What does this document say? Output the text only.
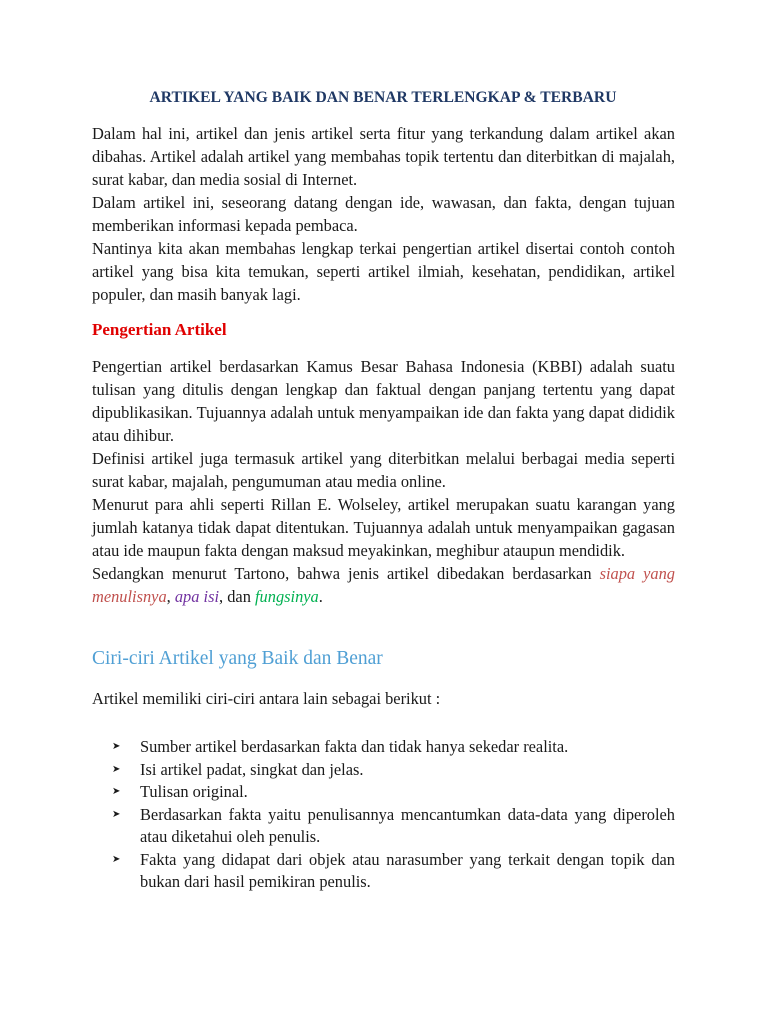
ARTIKEL YANG BAIK DAN BENAR TERLENGKAP & TERBARU

Dalam hal ini, artikel dan jenis artikel serta fitur yang terkandung dalam artikel akan dibahas. Artikel adalah artikel yang membahas topik tertentu dan diterbitkan di majalah, surat kabar, dan media sosial di Internet.

Dalam artikel ini, seseorang datang dengan ide, wawasan, dan fakta, dengan tujuan memberikan informasi kepada pembaca.

Nantinya kita akan membahas lengkap terkai pengertian artikel disertai contoh contoh artikel yang bisa kita temukan, seperti artikel ilmiah, kesehatan, pendidikan, artikel populer, dan masih banyak lagi.

Pengertian Artikel

Pengertian artikel berdasarkan Kamus Besar Bahasa Indonesia (KBBI) adalah suatu tulisan yang ditulis dengan lengkap dan faktual dengan panjang tertentu yang dapat dipublikasikan. Tujuannya adalah untuk menyampaikan ide dan fakta yang dapat dididik atau dihibur.

Definisi artikel juga termasuk artikel yang diterbitkan melalui berbagai media seperti surat kabar, majalah, pengumuman atau media online.

Menurut para ahli seperti Rillan E. Wolseley, artikel merupakan suatu karangan yang jumlah katanya tidak dapat ditentukan. Tujuannya adalah untuk menyampaikan gagasan atau ide maupun fakta dengan maksud meyakinkan, meghibur ataupun mendidik.

Sedangkan menurut Tartono, bahwa jenis artikel dibedakan berdasarkan siapa yang menulisnya, apa isi, dan fungsinya.

Ciri-ciri Artikel yang Baik dan Benar
Artikel memiliki ciri-ciri antara lain sebagai berikut :
➤ Sumber artikel berdasarkan fakta dan tidak hanya sekedar realita.
➤ Isi artikel padat, singkat dan jelas.
➤ Tulisan original.
➤ Berdasarkan fakta yaitu penulisannya mencantumkan data-data yang diperoleh atau diketahui oleh penulis.
➤ Fakta yang didapat dari objek atau narasumber yang terkait dengan topik dan bukan dari hasil pemikiran penulis.
